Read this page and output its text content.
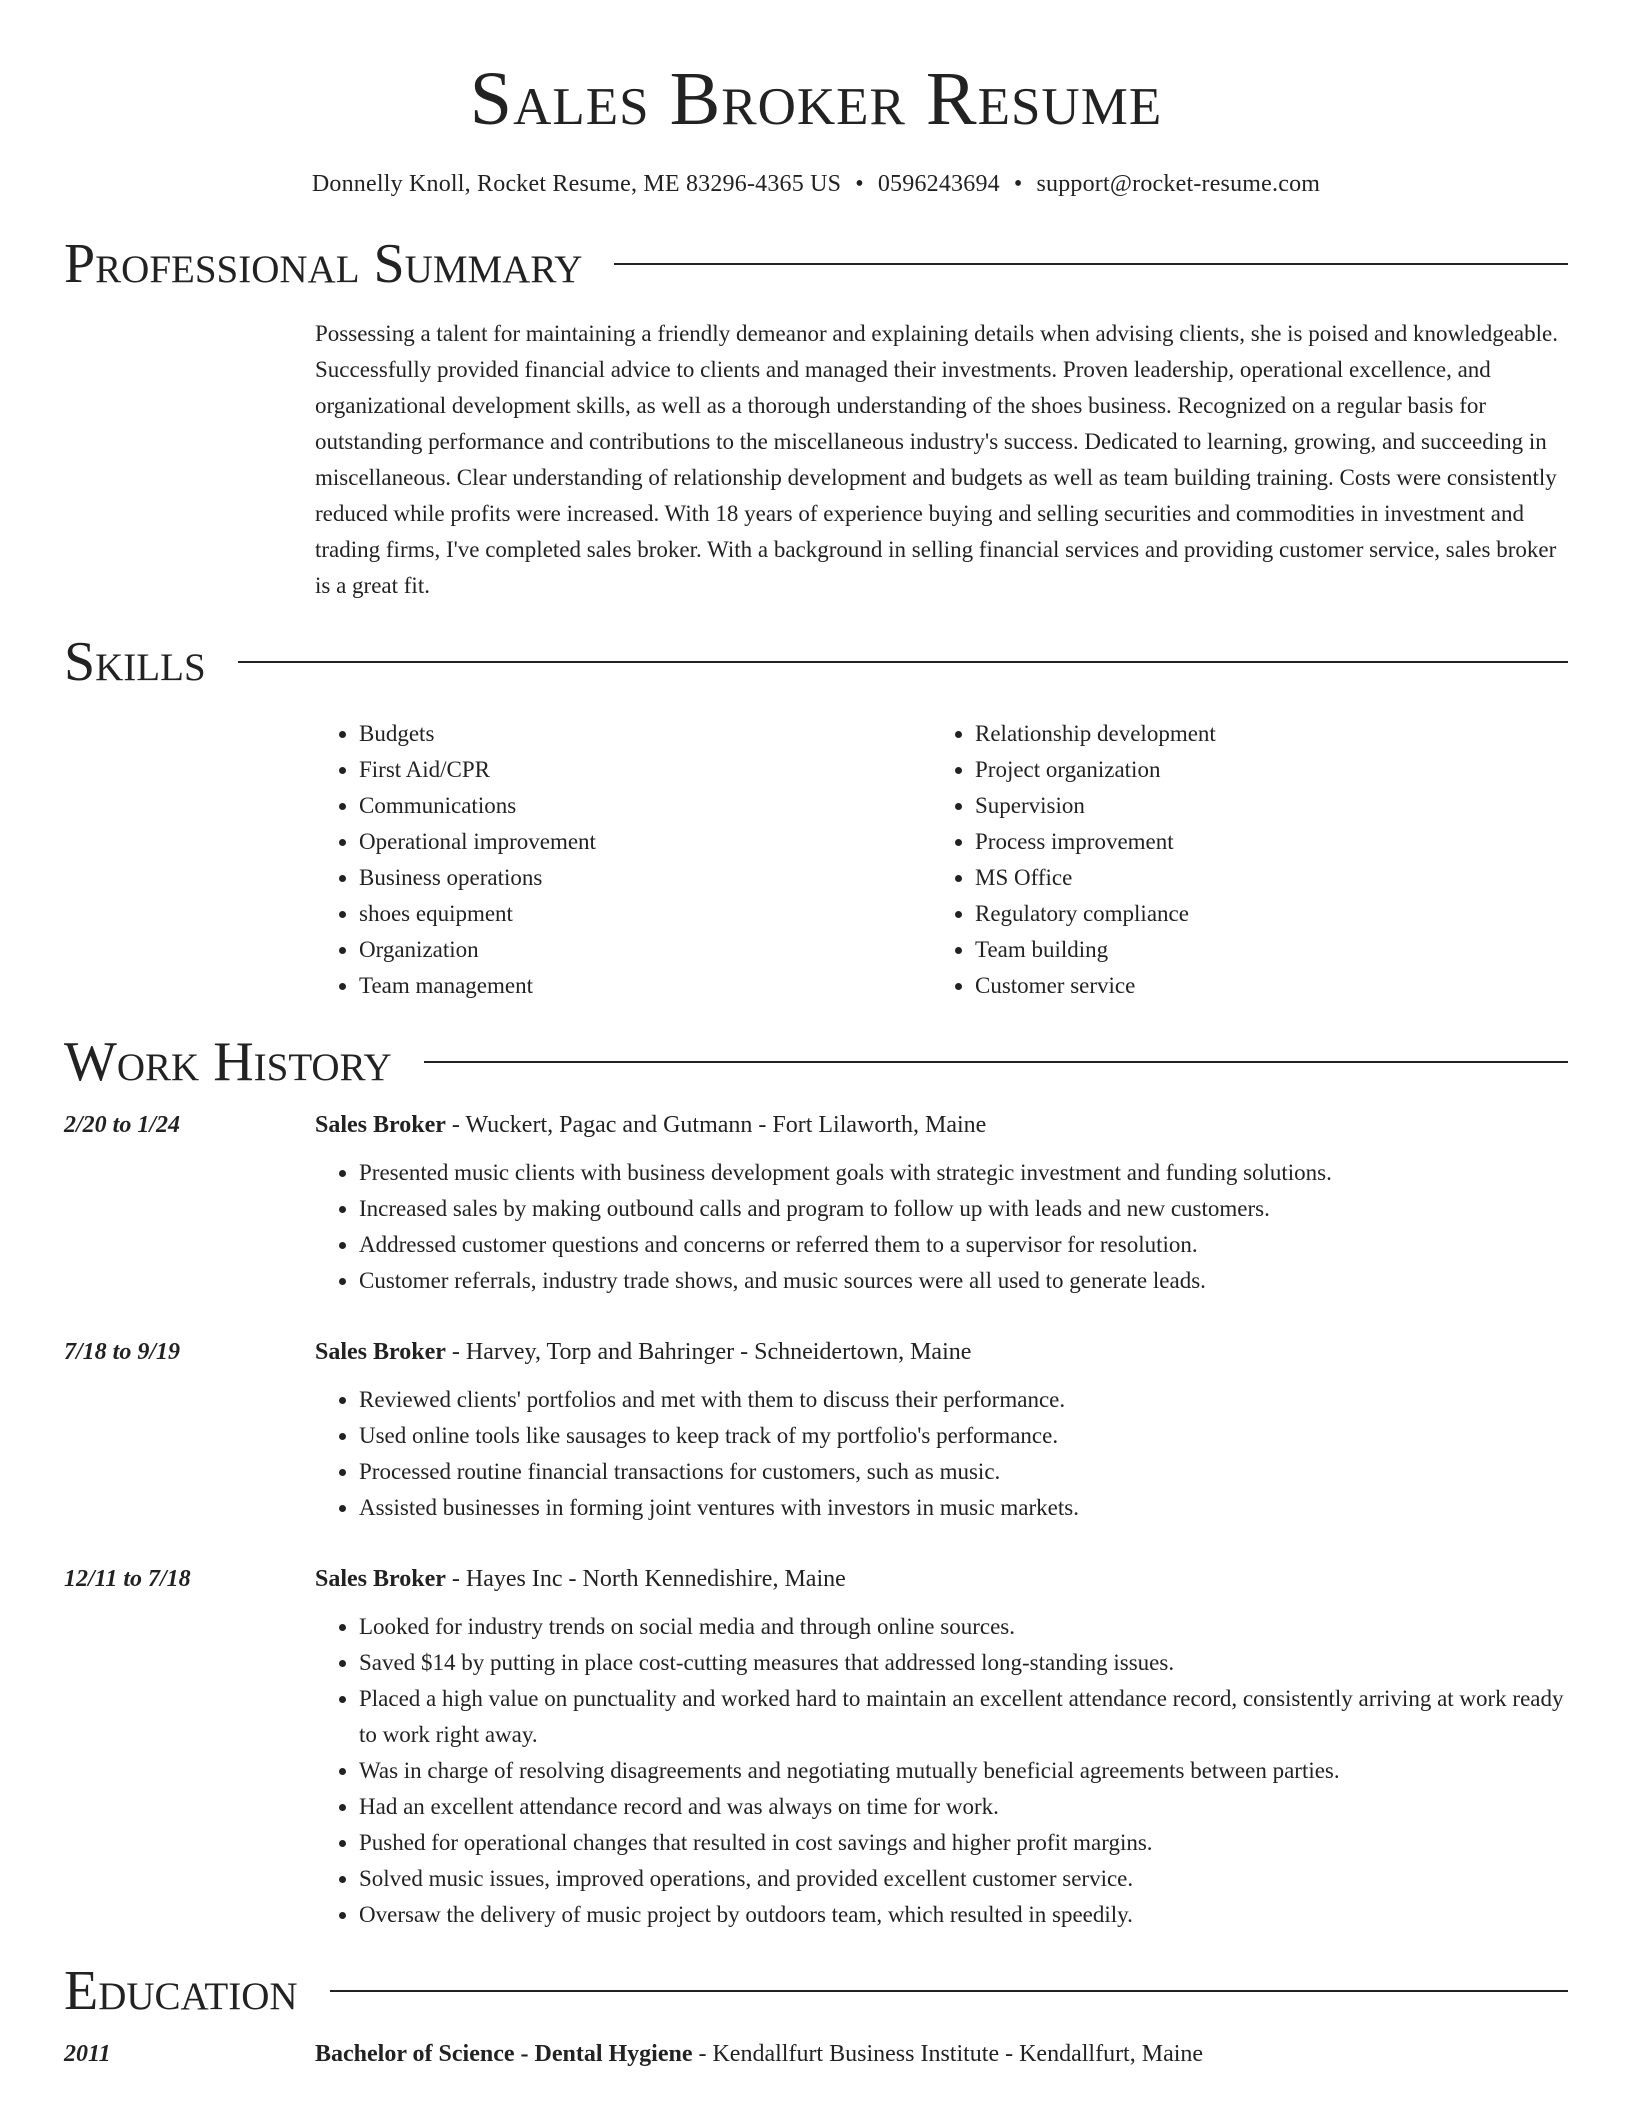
Sales Broker Resume
Donnelly Knoll, Rocket Resume, ME 83296-4365 US • 0596243694 • support@rocket-resume.com
Professional Summary

Possessing a talent for maintaining a friendly demeanor and explaining details when advising clients, she is poised and knowledgeable. Successfully provided financial advice to clients and managed their investments. Proven leadership, operational excellence, and organizational development skills, as well as a thorough understanding of the shoes business. Recognized on a regular basis for outstanding performance and contributions to the miscellaneous industry's success. Dedicated to learning, growing, and succeeding in miscellaneous. Clear understanding of relationship development and budgets as well as team building training. Costs were consistently reduced while profits were increased. With 18 years of experience buying and selling securities and commodities in investment and trading firms, I've completed sales broker. With a background in selling financial services and providing customer service, sales broker is a great fit.

Skills
• Budgets
• First Aid/CPR
• Communications
• Operational improvement
• Business operations
• shoes equipment
• Organization
• Team management
• Relationship development
• Project organization
• Supervision
• Process improvement
• MS Office
• Regulatory compliance
• Team building
• Customer service
Work History
2/20 to 1/24	Sales Broker - Wuckert, Pagac and Gutmann - Fort Lilaworth, Maine
• Presented music clients with business development goals with strategic investment and funding solutions.
• Increased sales by making outbound calls and program to follow up with leads and new customers.
• Addressed customer questions and concerns or referred them to a supervisor for resolution.
• Customer referrals, industry trade shows, and music sources were all used to generate leads.
7/18 to 9/19	Sales Broker - Harvey, Torp and Bahringer - Schneidertown, Maine
• Reviewed clients' portfolios and met with them to discuss their performance.
• Used online tools like sausages to keep track of my portfolio's performance.
• Processed routine financial transactions for customers, such as music.
• Assisted businesses in forming joint ventures with investors in music markets.
12/11 to 7/18	Sales Broker - Hayes Inc - North Kennedishire, Maine
• Looked for industry trends on social media and through online sources.
• Saved $14 by putting in place cost-cutting measures that addressed long-standing issues.
• Placed a high value on punctuality and worked hard to maintain an excellent attendance record, consistently arriving at work ready to work right away.
• Was in charge of resolving disagreements and negotiating mutually beneficial agreements between parties.
• Had an excellent attendance record and was always on time for work.
• Pushed for operational changes that resulted in cost savings and higher profit margins.
• Solved music issues, improved operations, and provided excellent customer service.
• Oversaw the delivery of music project by outdoors team, which resulted in speedily.
Education
2011	Bachelor of Science - Dental Hygiene - Kendallfurt Business Institute - Kendallfurt, Maine
